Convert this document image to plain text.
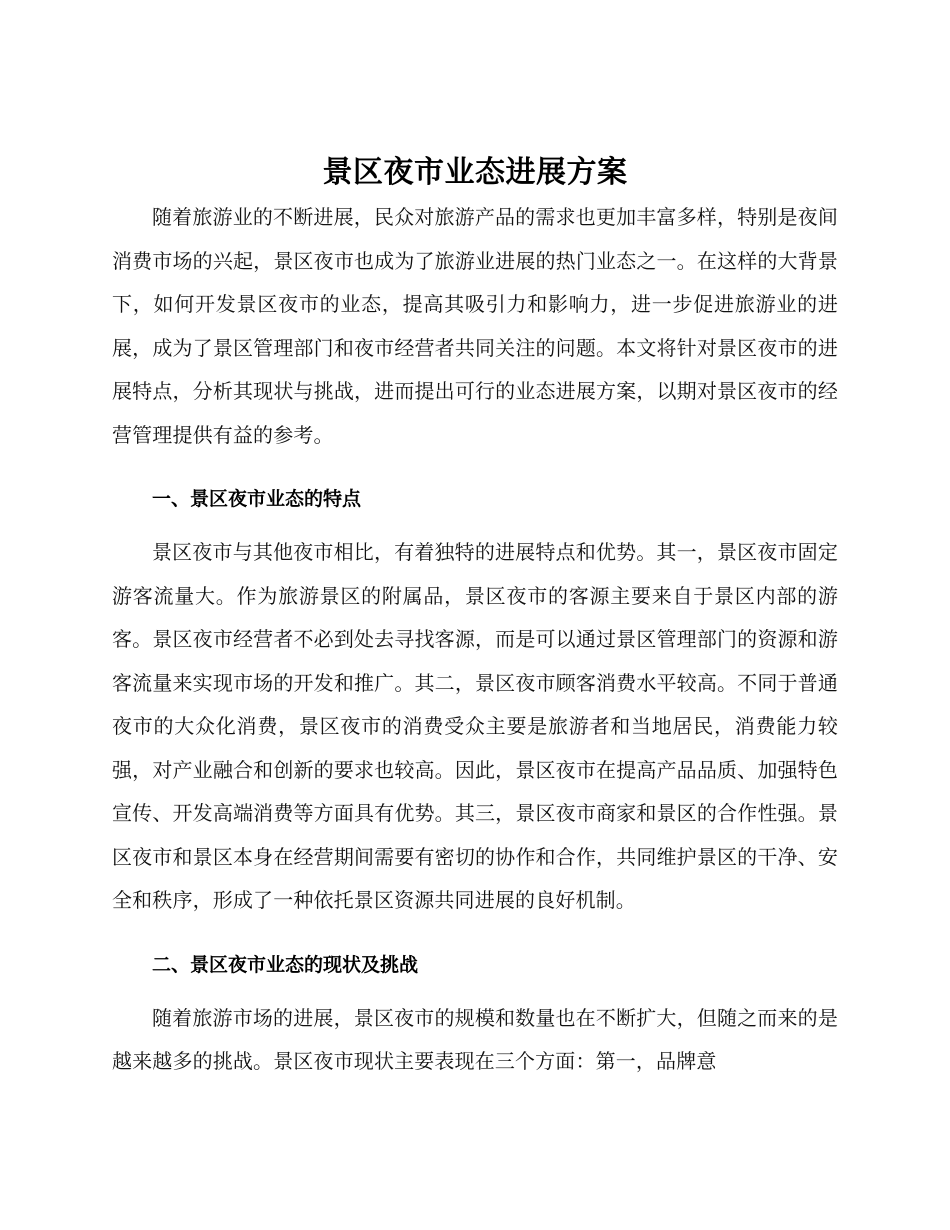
景区夜市业态进展方案

随着旅游业的不断进展，民众对旅游产品的需求也更加丰富多样，特别是夜间消费市场的兴起，景区夜市也成为了旅游业进展的热门业态之一。在这样的大背景下，如何开发景区夜市的业态，提高其吸引力和影响力，进一步促进旅游业的进展，成为了景区管理部门和夜市经营者共同关注的问题。本文将针对景区夜市的进展特点，分析其现状与挑战，进而提出可行的业态进展方案，以期对景区夜市的经营管理提供有益的参考。

一、景区夜市业态的特点

景区夜市与其他夜市相比，有着独特的进展特点和优势。其一，景区夜市固定游客流量大。作为旅游景区的附属品，景区夜市的客源主要来自于景区内部的游客。景区夜市经营者不必到处去寻找客源，而是可以通过景区管理部门的资源和游客流量来实现市场的开发和推广。其二，景区夜市顾客消费水平较高。不同于普通夜市的大众化消费，景区夜市的消费受众主要是旅游者和当地居民，消费能力较强，对产业融合和创新的要求也较高。因此，景区夜市在提高产品品质、加强特色宣传、开发高端消费等方面具有优势。其三，景区夜市商家和景区的合作性强。景区夜市和景区本身在经营期间需要有密切的协作和合作，共同维护景区的干净、安全和秩序，形成了一种依托景区资源共同进展的良好机制。

二、景区夜市业态的现状及挑战

随着旅游市场的进展，景区夜市的规模和数量也在不断扩大，但随之而来的是越来越多的挑战。景区夜市现状主要表现在三个方面：第一，品牌意
